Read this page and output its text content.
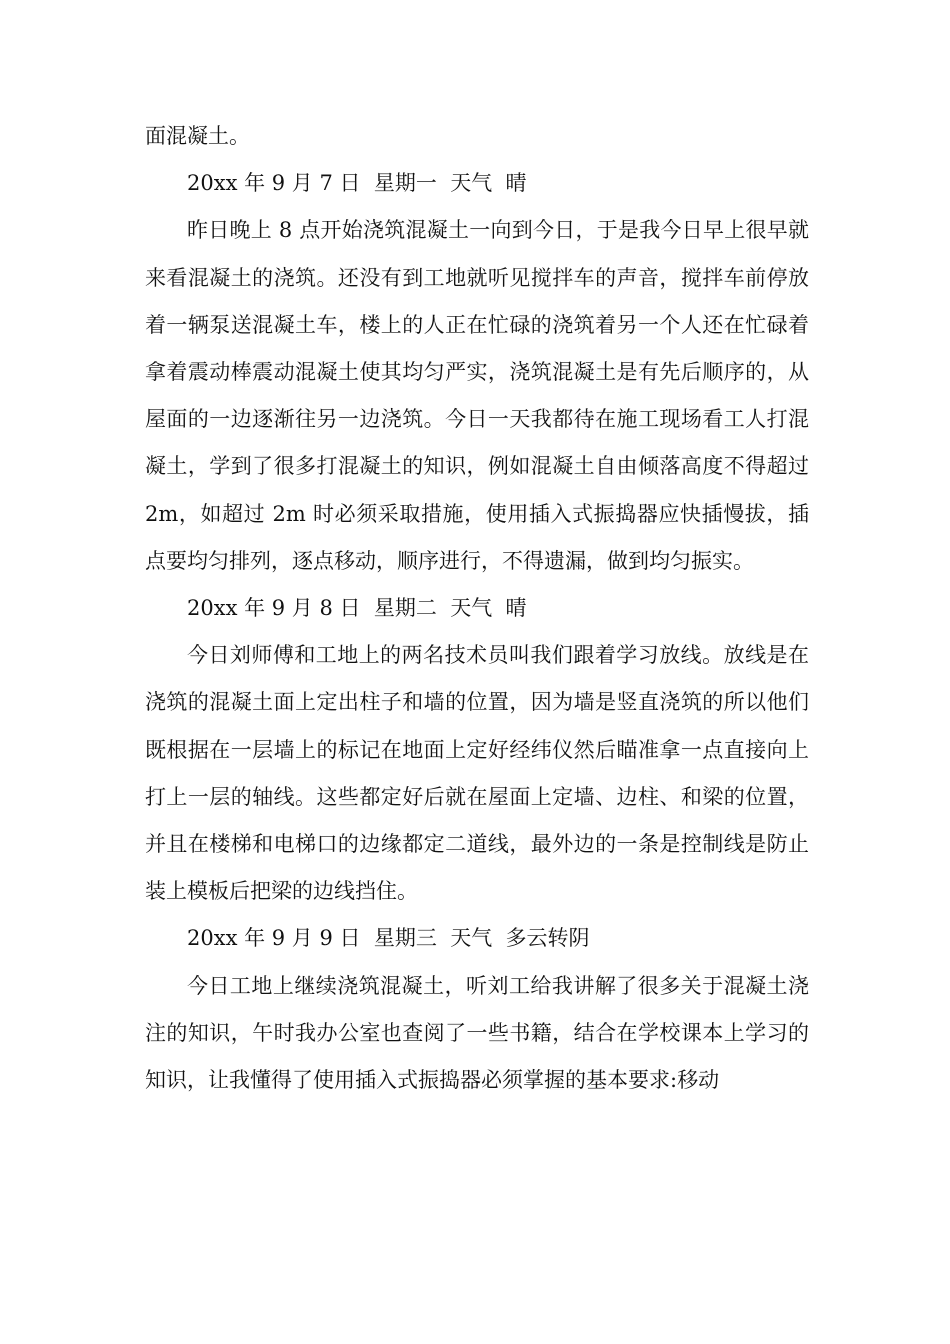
面混凝土。

20xx 年 9 月 7 日  星期一  天气  晴

昨日晚上 8 点开始浇筑混凝土一向到今日，于是我今日早上很早就来看混凝土的浇筑。还没有到工地就听见搅拌车的声音，搅拌车前停放着一辆泵送混凝土车，楼上的人正在忙碌的浇筑着另一个人还在忙碌着拿着震动棒震动混凝土使其均匀严实，浇筑混凝土是有先后顺序的，从屋面的一边逐渐往另一边浇筑。今日一天我都待在施工现场看工人打混凝土，学到了很多打混凝土的知识，例如混凝土自由倾落高度不得超过 2m，如超过 2m 时必须采取措施，使用插入式振捣器应快插慢拔，插点要均匀排列，逐点移动，顺序进行，不得遗漏，做到均匀振实。

20xx 年 9 月 8 日  星期二  天气  晴

今日刘师傅和工地上的两名技术员叫我们跟着学习放线。放线是在浇筑的混凝土面上定出柱子和墙的位置，因为墙是竖直浇筑的所以他们既根据在一层墙上的标记在地面上定好经纬仪然后瞄准拿一点直接向上打上一层的轴线。这些都定好后就在屋面上定墙、边柱、和梁的位置，并且在楼梯和电梯口的边缘都定二道线，最外边的一条是控制线是防止装上模板后把梁的边线挡住。

20xx 年 9 月 9 日  星期三  天气  多云转阴

今日工地上继续浇筑混凝土，听刘工给我讲解了很多关于混凝土浇注的知识，午时我办公室也查阅了一些书籍，结合在学校课本上学习的知识，让我懂得了使用插入式振捣器必须掌握的基本要求:移动
